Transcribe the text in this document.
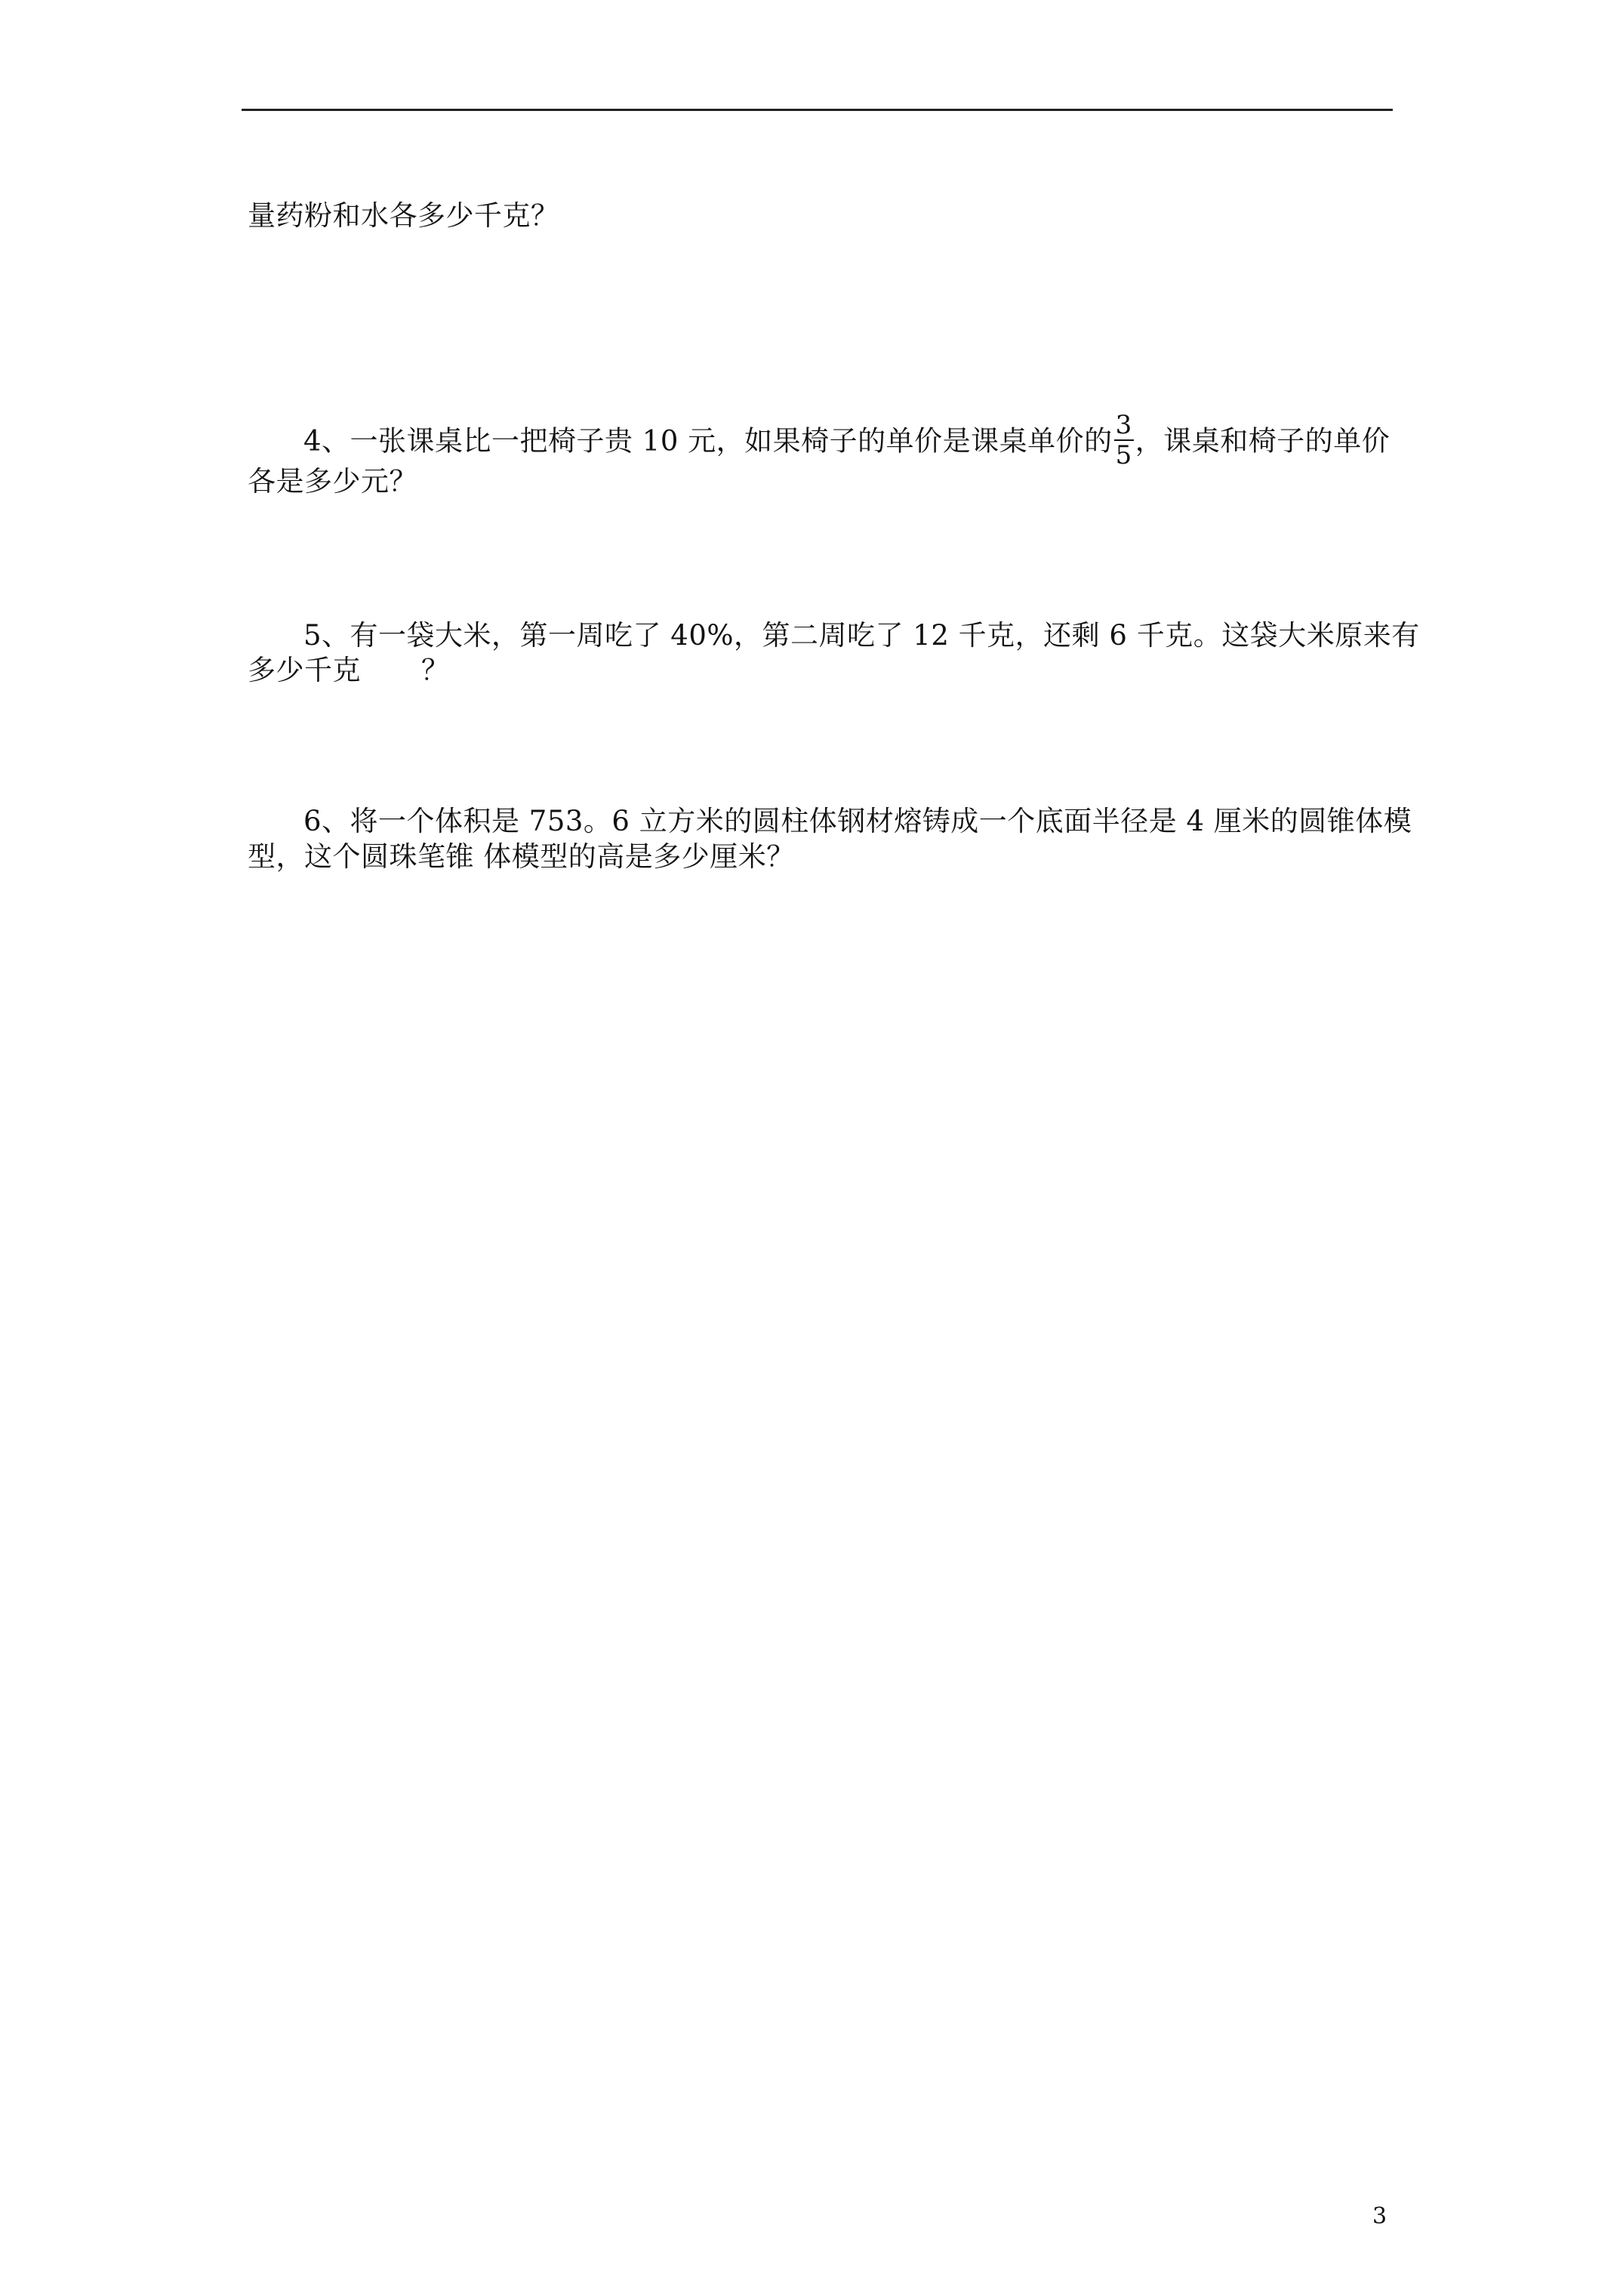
量药粉和水各多少千克？
4、一张课桌比一把椅子贵 10 元，如果椅子的单价是课桌单价的 $\frac{3}{5}$ ，课桌和椅子的单价
各是多少元？
5、有一袋大米，第一周吃了 40%，第二周吃了 12 千克，还剩 6 千克。这袋大米原来有
多少千克 ？
6、将一个体积是 753。6 立方米的圆柱体钢材熔铸成一个底面半径是 4 厘米的圆锥体模
型，这个圆珠笔锥 体模型的高是多少厘米？
3
